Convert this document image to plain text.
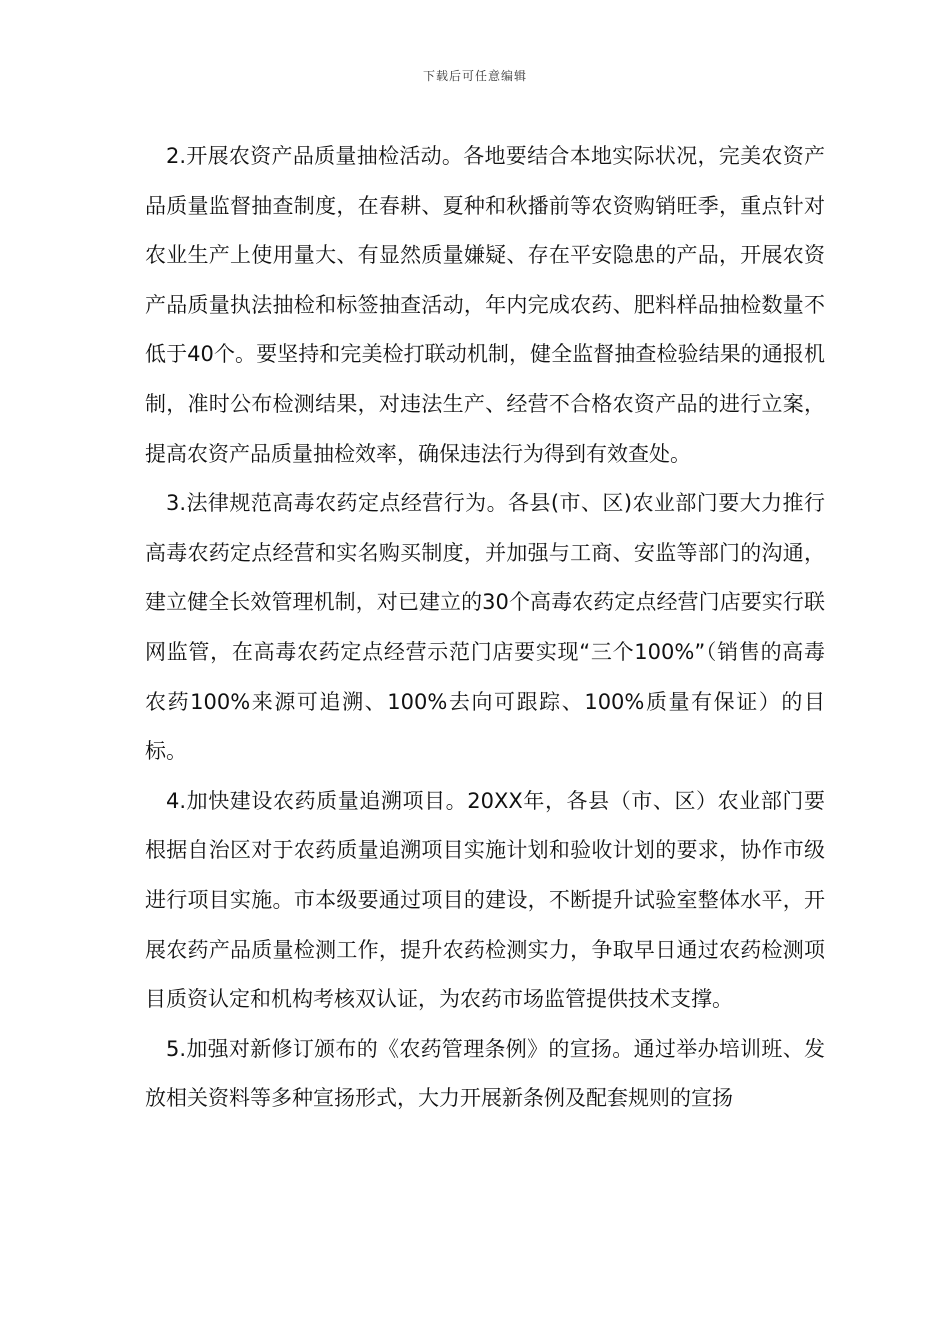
下载后可任意编辑

2.开展农资产品质量抽检活动。各地要结合本地实际状况，完美农资产品质量监督抽查制度，在春耕、夏种和秋播前等农资购销旺季，重点针对农业生产上使用量大、有显然质量嫌疑、存在平安隐患的产品，开展农资产品质量执法抽检和标签抽查活动，年内完成农药、肥料样品抽检数量不低于40个。要坚持和完美检打联动机制，健全监督抽查检验结果的通报机制，准时公布检测结果，对违法生产、经营不合格农资产品的进行立案，提高农资产品质量抽检效率，确保违法行为得到有效查处。

3.法律规范高毒农药定点经营行为。各县(市、区)农业部门要大力推行高毒农药定点经营和实名购买制度，并加强与工商、安监等部门的沟通，建立健全长效管理机制，对已建立的30个高毒农药定点经营门店要实行联网监管，在高毒农药定点经营示范门店要实现“三个100%”（销售的高毒农药100%来源可追溯、100%去向可跟踪、100%质量有保证）的目标。

4.加快建设农药质量追溯项目。20XX年，各县（市、区）农业部门要根据自治区对于农药质量追溯项目实施计划和验收计划的要求，协作市级进行项目实施。市本级要通过项目的建设，不断提升试验室整体水平，开展农药产品质量检测工作，提升农药检测实力，争取早日通过农药检测项目质资认定和机构考核双认证，为农药市场监管提供技术支撑。

5.加强对新修订颁布的《农药管理条例》的宣扬。通过举办培训班、发放相关资料等多种宣扬形式，大力开展新条例及配套规则的宣扬
